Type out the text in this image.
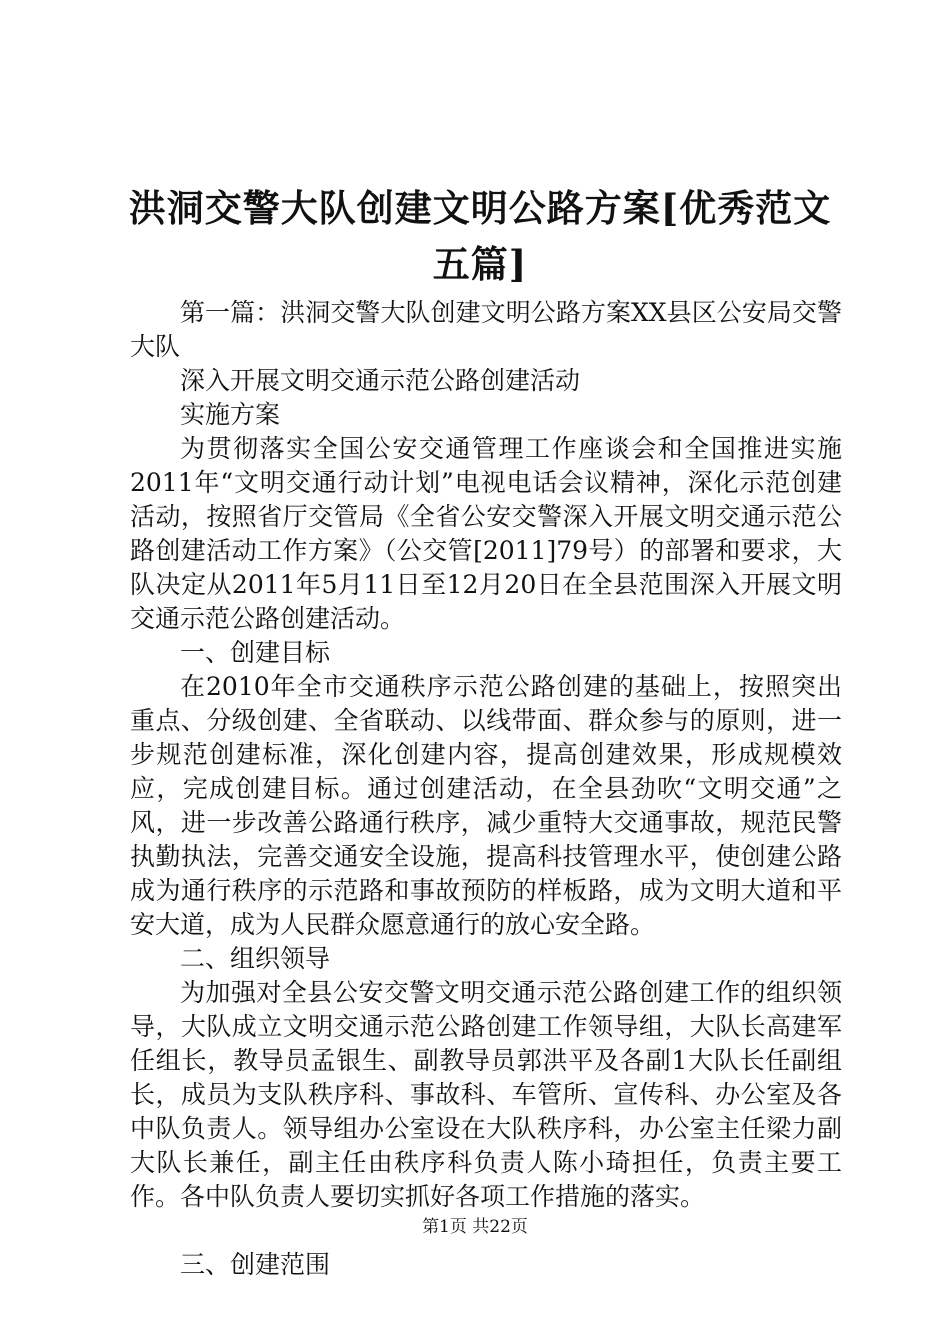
洪洞交警大队创建文明公路方案[优秀范文五篇]

第一篇：洪洞交警大队创建文明公路方案XX县区公安局交警大队

深入开展文明交通示范公路创建活动

实施方案

为贯彻落实全国公安交通管理工作座谈会和全国推进实施2011年“文明交通行动计划”电视电话会议精神，深化示范创建活动，按照省厅交管局《全省公安交警深入开展文明交通示范公路创建活动工作方案》（公交管[2011]79号）的部署和要求，大队决定从2011年5月11日至12月20日在全县范围深入开展文明交通示范公路创建活动。

一、创建目标

在2010年全市交通秩序示范公路创建的基础上，按照突出重点、分级创建、全省联动、以线带面、群众参与的原则，进一步规范创建标准，深化创建内容，提高创建效果，形成规模效应，完成创建目标。通过创建活动，在全县劲吹“文明交通”之风，进一步改善公路通行秩序，减少重特大交通事故，规范民警执勤执法，完善交通安全设施，提高科技管理水平，使创建公路成为通行秩序的示范路和事故预防的样板路，成为文明大道和平安大道，成为人民群众愿意通行的放心安全路。

二、组织领导

为加强对全县公安交警文明交通示范公路创建工作的组织领导，大队成立文明交通示范公路创建工作领导组，大队长高建军任组长，教导员孟银生、副教导员郭洪平及各副1大队长任副组长，成员为支队秩序科、事故科、车管所、宣传科、办公室及各中队负责人。领导组办公室设在大队秩序科，办公室主任梁力副大队长兼任，副主任由秩序科负责人陈小琦担任，负责主要工作。各中队负责人要切实抓好各项工作措施的落实。

三、创建范围

第1页 共22页
